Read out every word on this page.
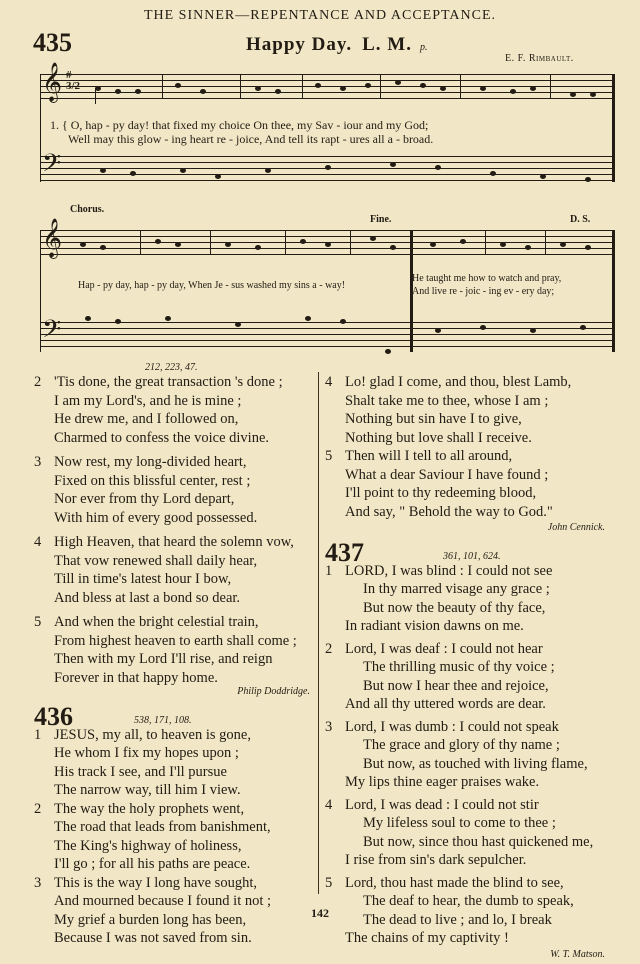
THE SINNER—REPENTANCE AND ACCEPTANCE.
435	Happy Day. L. M. p.
E. F. Rimbault.
𝄞 #
3/2
1. { O, hap - py day! that fixed my choice On thee, my Sav - iour and my God;
Well may this glow - ing heart re - joice, And tell its rapt - ures all a - broad.
𝄢
Chorus.
Fine.	D. S.
𝄞
Hap - py day, hap - py day, When Je - sus washed my sins a - way!
He taught me how to watch and pray,
And live re - joic - ing ev - ery day;
𝄢
212, 223, 47.
2 'Tis done, the great transaction 's done ;
I am my Lord's, and he is mine ;
He drew me, and I followed on,
Charmed to confess the voice divine.
3 Now rest, my long-divided heart,
Fixed on this blissful center, rest ;
Nor ever from thy Lord depart,
With him of every good possessed.
4 High Heaven, that heard the solemn vow,
That vow renewed shall daily hear,
Till in time's latest hour I bow,
And bless at last a bond so dear.
5 And when the bright celestial train,
From highest heaven to earth shall come ;
Then with my Lord I'll rise, and reign
Forever in that happy home.
Philip Doddridge.
436	538, 171, 108.
1 JESUS, my all, to heaven is gone,
He whom I fix my hopes upon ;
His track I see, and I'll pursue
The narrow way, till him I view.
2 The way the holy prophets went,
The road that leads from banishment,
The King's highway of holiness,
I'll go ; for all his paths are peace.
3 This is the way I long have sought,
And mourned because I found it not ;
My grief a burden long has been,
Because I was not saved from sin.
4 Lo! glad I come, and thou, blest Lamb,
Shalt take me to thee, whose I am ;
Nothing but sin have I to give,
Nothing but love shall I receive.
5 Then will I tell to all around,
What a dear Saviour I have found ;
I'll point to thy redeeming blood,
And say, " Behold the way to God."
John Cennick.
437	361, 101, 624.
1 LORD, I was blind : I could not see
In thy marred visage any grace ;
But now the beauty of thy face,
In radiant vision dawns on me.
2 Lord, I was deaf : I could not hear
The thrilling music of thy voice ;
But now I hear thee and rejoice,
And all thy uttered words are dear.
3 Lord, I was dumb : I could not speak
The grace and glory of thy name ;
But now, as touched with living flame,
My lips thine eager praises wake.
4 Lord, I was dead : I could not stir
My lifeless soul to come to thee ;
But now, since thou hast quickened me,
I rise from sin's dark sepulcher.
5 Lord, thou hast made the blind to see,
The deaf to hear, the dumb to speak,
The dead to live ; and lo, I break
The chains of my captivity !
W. T. Matson.
142
